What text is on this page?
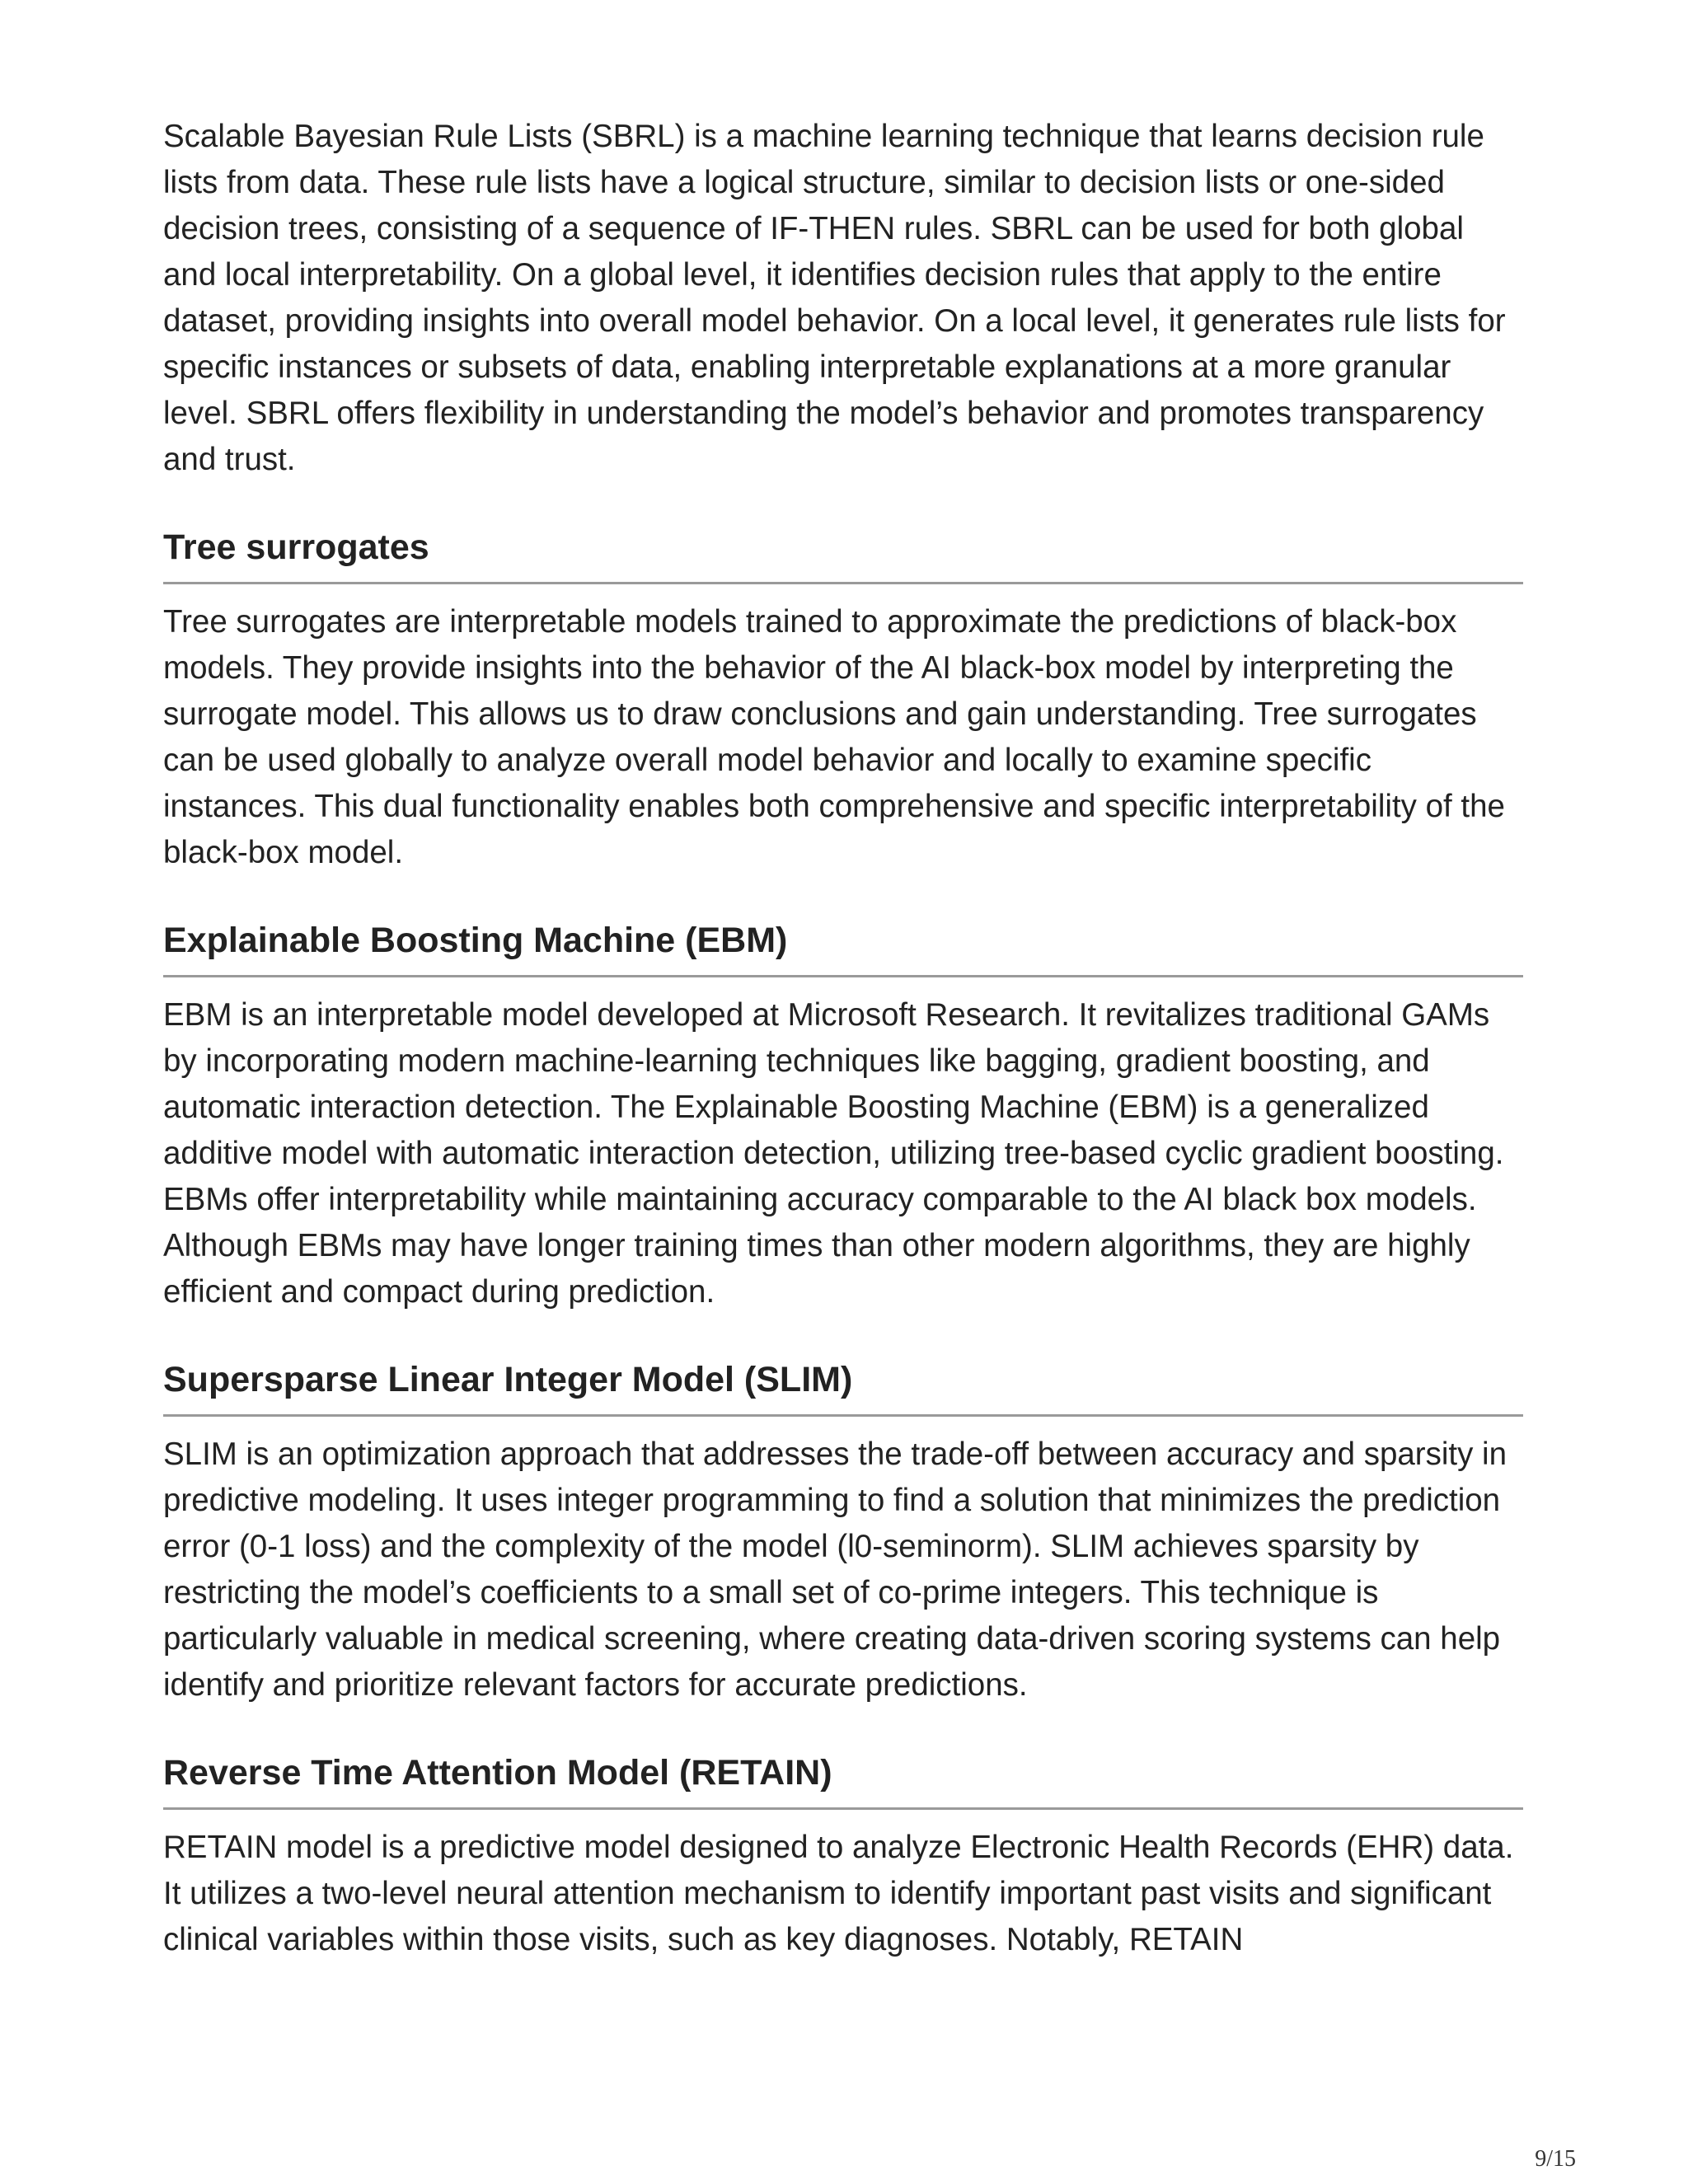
Scalable Bayesian Rule Lists (SBRL) is a machine learning technique that learns decision rule lists from data. These rule lists have a logical structure, similar to decision lists or one-sided decision trees, consisting of a sequence of IF-THEN rules. SBRL can be used for both global and local interpretability. On a global level, it identifies decision rules that apply to the entire dataset, providing insights into overall model behavior. On a local level, it generates rule lists for specific instances or subsets of data, enabling interpretable explanations at a more granular level. SBRL offers flexibility in understanding the model’s behavior and promotes transparency and trust.

Tree surrogates

Tree surrogates are interpretable models trained to approximate the predictions of black-box models. They provide insights into the behavior of the AI black-box model by interpreting the surrogate model. This allows us to draw conclusions and gain understanding. Tree surrogates can be used globally to analyze overall model behavior and locally to examine specific instances. This dual functionality enables both comprehensive and specific interpretability of the black-box model.

Explainable Boosting Machine (EBM)

EBM is an interpretable model developed at Microsoft Research. It revitalizes traditional GAMs by incorporating modern machine-learning techniques like bagging, gradient boosting, and automatic interaction detection. The Explainable Boosting Machine (EBM) is a generalized additive model with automatic interaction detection, utilizing tree-based cyclic gradient boosting. EBMs offer interpretability while maintaining accuracy comparable to the AI black box models. Although EBMs may have longer training times than other modern algorithms, they are highly efficient and compact during prediction.

Supersparse Linear Integer Model (SLIM)

SLIM is an optimization approach that addresses the trade-off between accuracy and sparsity in predictive modeling. It uses integer programming to find a solution that minimizes the prediction error (0-1 loss) and the complexity of the model (l0-seminorm). SLIM achieves sparsity by restricting the model’s coefficients to a small set of co-prime integers. This technique is particularly valuable in medical screening, where creating data-driven scoring systems can help identify and prioritize relevant factors for accurate predictions.

Reverse Time Attention Model (RETAIN)

RETAIN model is a predictive model designed to analyze Electronic Health Records (EHR) data. It utilizes a two-level neural attention mechanism to identify important past visits and significant clinical variables within those visits, such as key diagnoses. Notably, RETAIN

9/15
